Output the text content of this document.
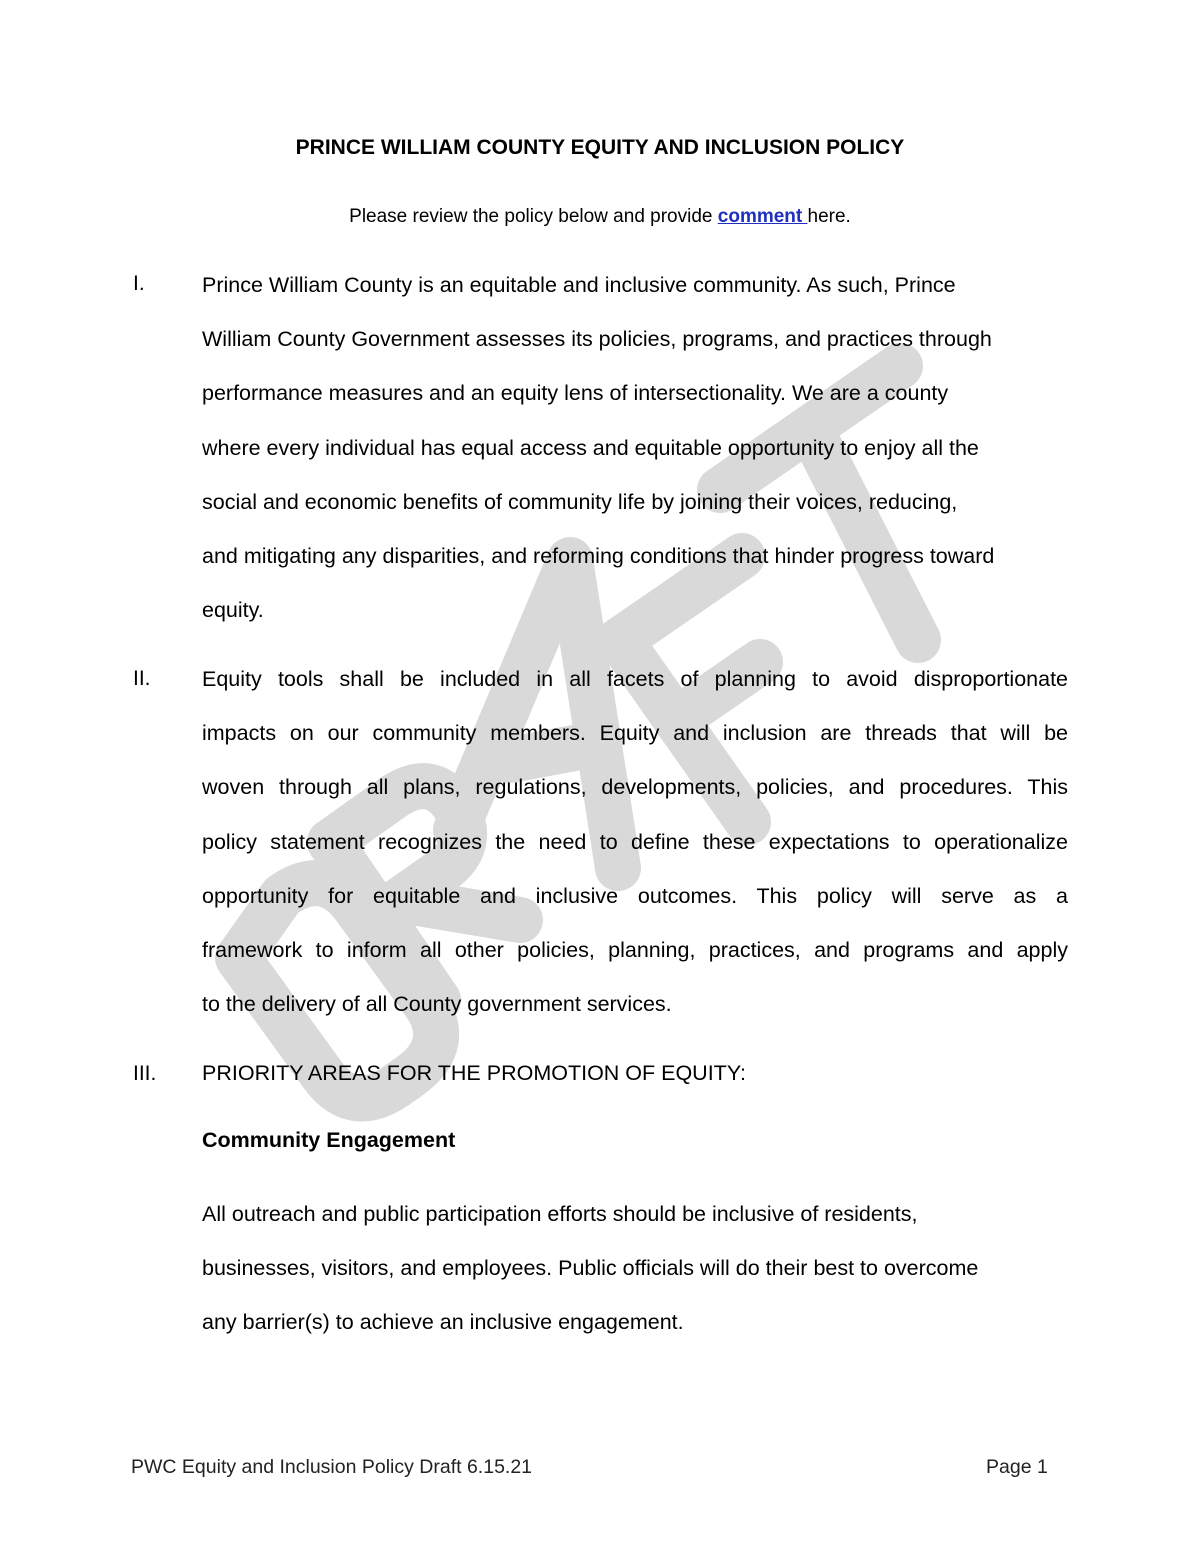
PRINCE WILLIAM COUNTY EQUITY AND INCLUSION POLICY

Please review the policy below and provide comment here.

I.	Prince William County is an equitable and inclusive community. As such, Prince
William County Government assesses its policies, programs, and practices through
performance measures and an equity lens of intersectionality. We are a county
where every individual has equal access and equitable opportunity to enjoy all the
social and economic benefits of community life by joining their voices, reducing,
and mitigating any disparities, and reforming conditions that hinder progress toward
equity.
II. Equity tools shall be included in all facets of planning to avoid disproportionate
impacts on our community members. Equity and inclusion are threads that will be
woven through all plans, regulations, developments, policies, and procedures. This
policy statement recognizes the need to define these expectations to operationalize
opportunity for equitable and inclusive outcomes. This policy will serve as a
framework to inform all other policies, planning, practices, and programs and apply
to the delivery of all County government services.
III. PRIORITY AREAS FOR THE PROMOTION OF EQUITY:
Community Engagement
All outreach and public participation efforts should be inclusive of residents,
businesses, visitors, and employees. Public officials will do their best to overcome
any barrier(s) to achieve an inclusive engagement.
PWC Equity and Inclusion Policy Draft 6.15.21	Page 1
